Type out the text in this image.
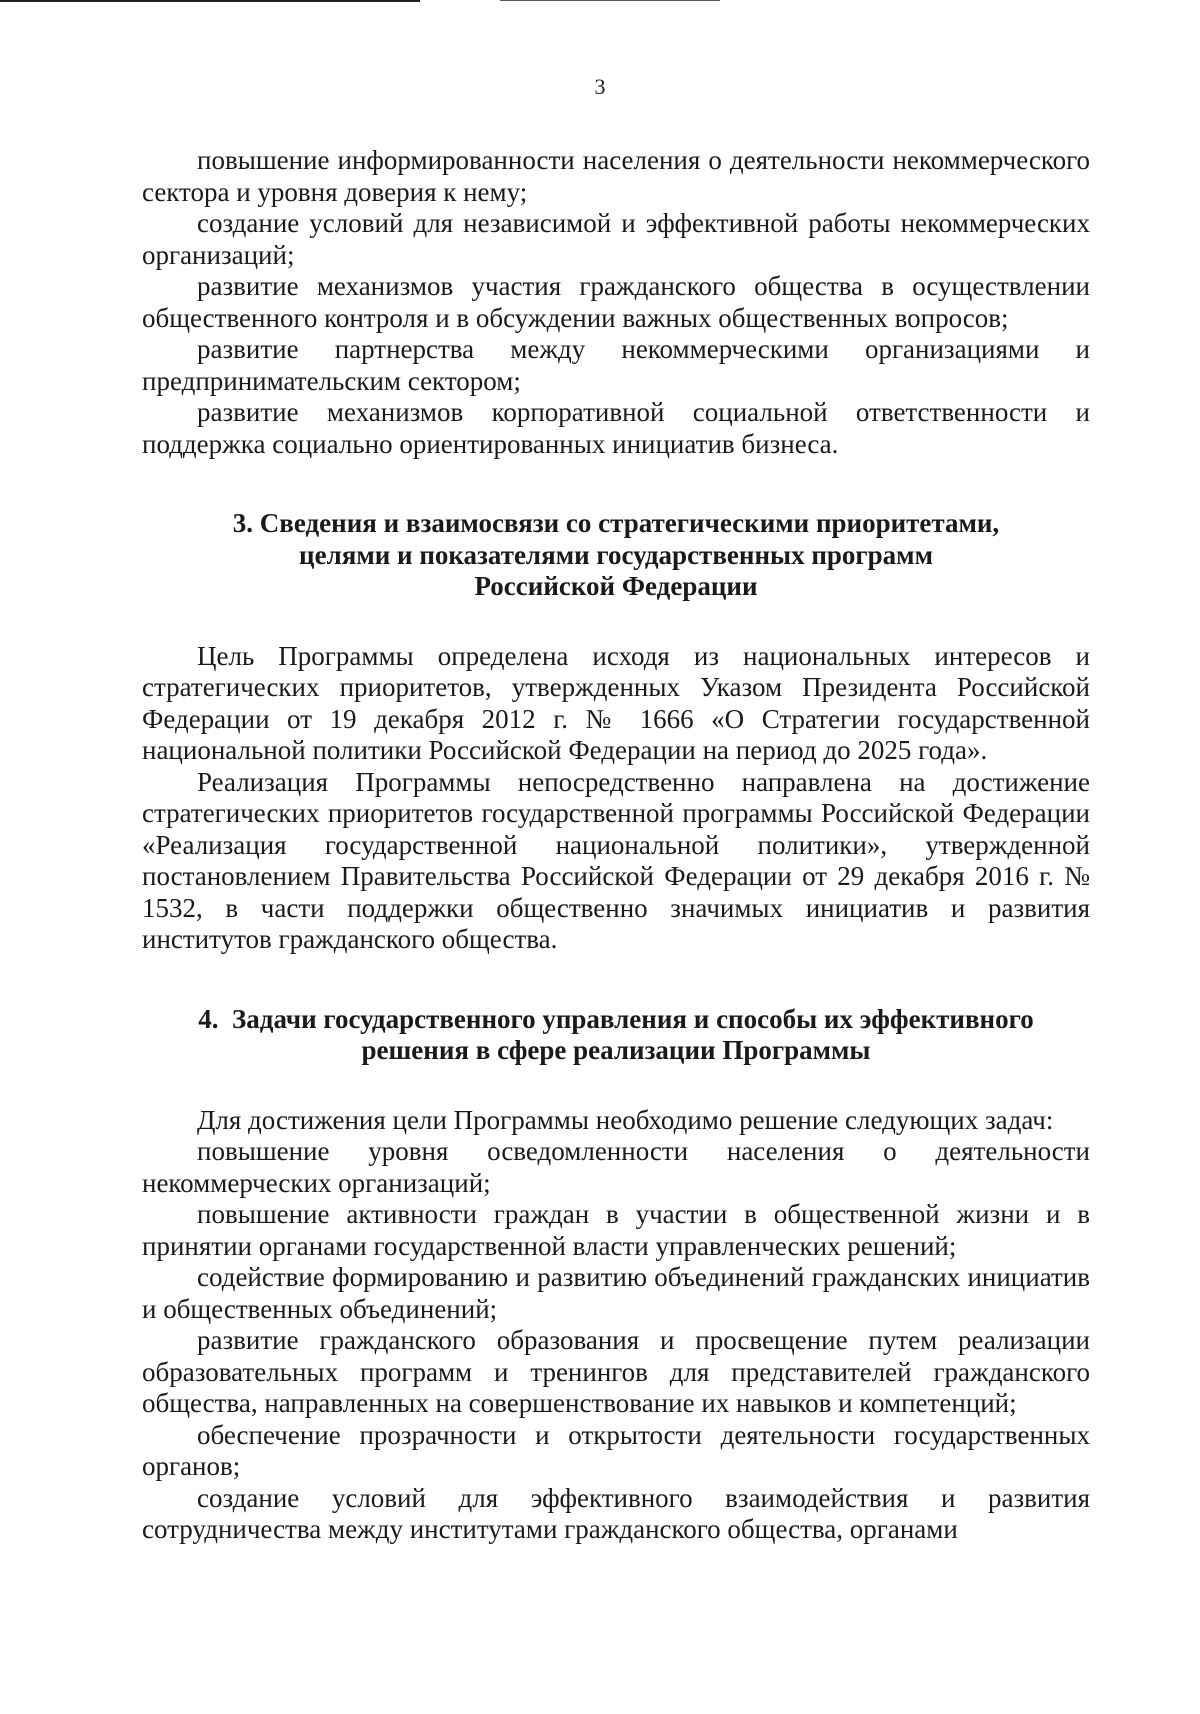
3

повышение информированности населения о деятельности некоммерческого сектора и уровня доверия к нему;

создание условий для независимой и эффективной работы некоммерческих организаций;

развитие механизмов участия гражданского общества в осуществлении общественного контроля и в обсуждении важных общественных вопросов;

развитие партнерства между некоммерческими организациями и предпринимательским сектором;

развитие механизмов корпоративной социальной ответственности и поддержка социально ориентированных инициатив бизнеса.

3. Сведения и взаимосвязи со стратегическими приоритетами,
целями и показателями государственных программ
Российской Федерации

Цель Программы определена исходя из национальных интересов и стратегических приоритетов, утвержденных Указом Президента Российской Федерации от 19 декабря 2012 г. № 1666 «О Стратегии государственной национальной политики Российской Федерации на период до 2025 года».

Реализация Программы непосредственно направлена на достижение стратегических приоритетов государственной программы Российской Федерации «Реализация государственной национальной политики», утвержденной постановлением Правительства Российской Федерации от 29 декабря 2016 г. № 1532, в части поддержки общественно значимых инициатив и развития институтов гражданского общества.

4.  Задачи государственного управления и способы их эффективного
решения в сфере реализации Программы

Для достижения цели Программы необходимо решение следующих задач:

повышение уровня осведомленности населения о деятельности некоммерческих организаций;

повышение активности граждан в участии в общественной жизни и в принятии органами государственной власти управленческих решений;

содействие формированию и развитию объединений гражданских инициатив и общественных объединений;

развитие гражданского образования и просвещение путем реализации образовательных программ и тренингов для представителей гражданского общества, направленных на совершенствование их навыков и компетенций;

обеспечение прозрачности и открытости деятельности государственных органов;

создание условий для эффективного взаимодействия и развития сотрудничества между институтами гражданского общества, органами
